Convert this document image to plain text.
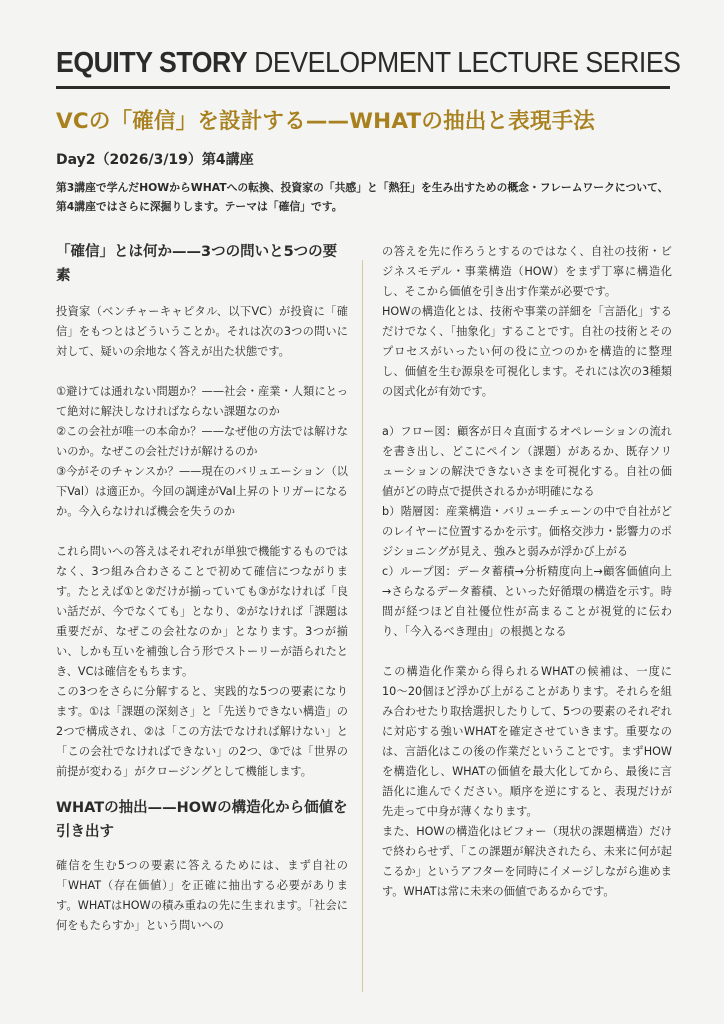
EQUITY STORY DEVELOPMENT LECTURE SERIES
VCの「確信」を設計する——WHATの抽出と表現手法
Day2（2026/3/19）第4講座
第3講座で学んだHOWからWHATへの転換、投資家の「共感」と「熱狂」を生み出すための概念・フレームワークについて、第4講座ではさらに深掘りします。テーマは「確信」です。
「確信」とは何か——3つの問いと5つの要素
投資家（ベンチャーキャピタル、以下VC）が投資に「確信」をもつとはどういうことか。それは次の3つの問いに対して、疑いの余地なく答えが出た状態です。
①避けては通れない問題か？——社会・産業・人類にとって絶対に解決しなければならない課題なのか
②この会社が唯一の本命か？——なぜ他の方法では解けないのか。なぜこの会社だけが解けるのか
③今がそのチャンスか？——現在のバリュエーション（以下Val）は適正か。今回の調達がVal上昇のトリガーになるか。今入らなければ機会を失うのか
これら問いへの答えはそれぞれが単独で機能するものではなく、3つ組み合わさることで初めて確信につながります。たとえば①と②だけが揃っていても③がなければ「良い話だが、今でなくても」となり、②がなければ「課題は重要だが、なぜこの会社なのか」となります。3つが揃い、しかも互いを補強し合う形でストーリーが語られたとき、VCは確信をもちます。
この3つをさらに分解すると、実践的な5つの要素になります。①は「課題の深刻さ」と「先送りできない構造」の2つで構成され、②は「この方法でなければ解けない」と「この会社でなければできない」の2つ、③では「世界の前提が変わる」がクロージングとして機能します。
WHATの抽出——HOWの構造化から価値を引き出す
確信を生む5つの要素に答えるためには、まず自社の「WHAT（存在価値）」を正確に抽出する必要があります。WHATはHOWの積み重ねの先に生まれます。「社会に何をもたらすか」という問いへの
の答えを先に作ろうとするのではなく、自社の技術・ビジネスモデル・事業構造（HOW）をまず丁寧に構造化し、そこから価値を引き出す作業が必要です。
HOWの構造化とは、技術や事業の詳細を「言語化」するだけでなく、「抽象化」することです。自社の技術とそのプロセスがいったい何の役に立つのかを構造的に整理し、価値を生む源泉を可視化します。それには次の3種類の図式化が有効です。
a）フロー図：顧客が日々直面するオペレーションの流れを書き出し、どこにペイン（課題）があるか、既存ソリューションの解決できないさまを可視化する。自社の価値がどの時点で提供されるかが明確になる
b）階層図：産業構造・バリューチェーンの中で自社がどのレイヤーに位置するかを示す。価格交渉力・影響力のポジショニングが見え、強みと弱みが浮かび上がる
c）ループ図：データ蓄積→分析精度向上→顧客価値向上→さらなるデータ蓄積、といった好循環の構造を示す。時間が経つほど自社優位性が高まることが視覚的に伝わり、「今入るべき理由」の根拠となる
この構造化作業から得られるWHATの候補は、一度に10〜20個ほど浮かび上がることがあります。それらを組み合わせたり取捨選択したりして、5つの要素のそれぞれに対応する強いWHATを確定させていきます。重要なのは、言語化はこの後の作業だということです。まずHOWを構造化し、WHATの価値を最大化してから、最後に言語化に進んでください。順序を逆にすると、表現だけが先走って中身が薄くなります。
また、HOWの構造化はビフォー（現状の課題構造）だけで終わらせず、「この課題が解決されたら、未来に何が起こるか」というアフターを同時にイメージしながら進めます。WHATは常に未来の価値であるからです。
